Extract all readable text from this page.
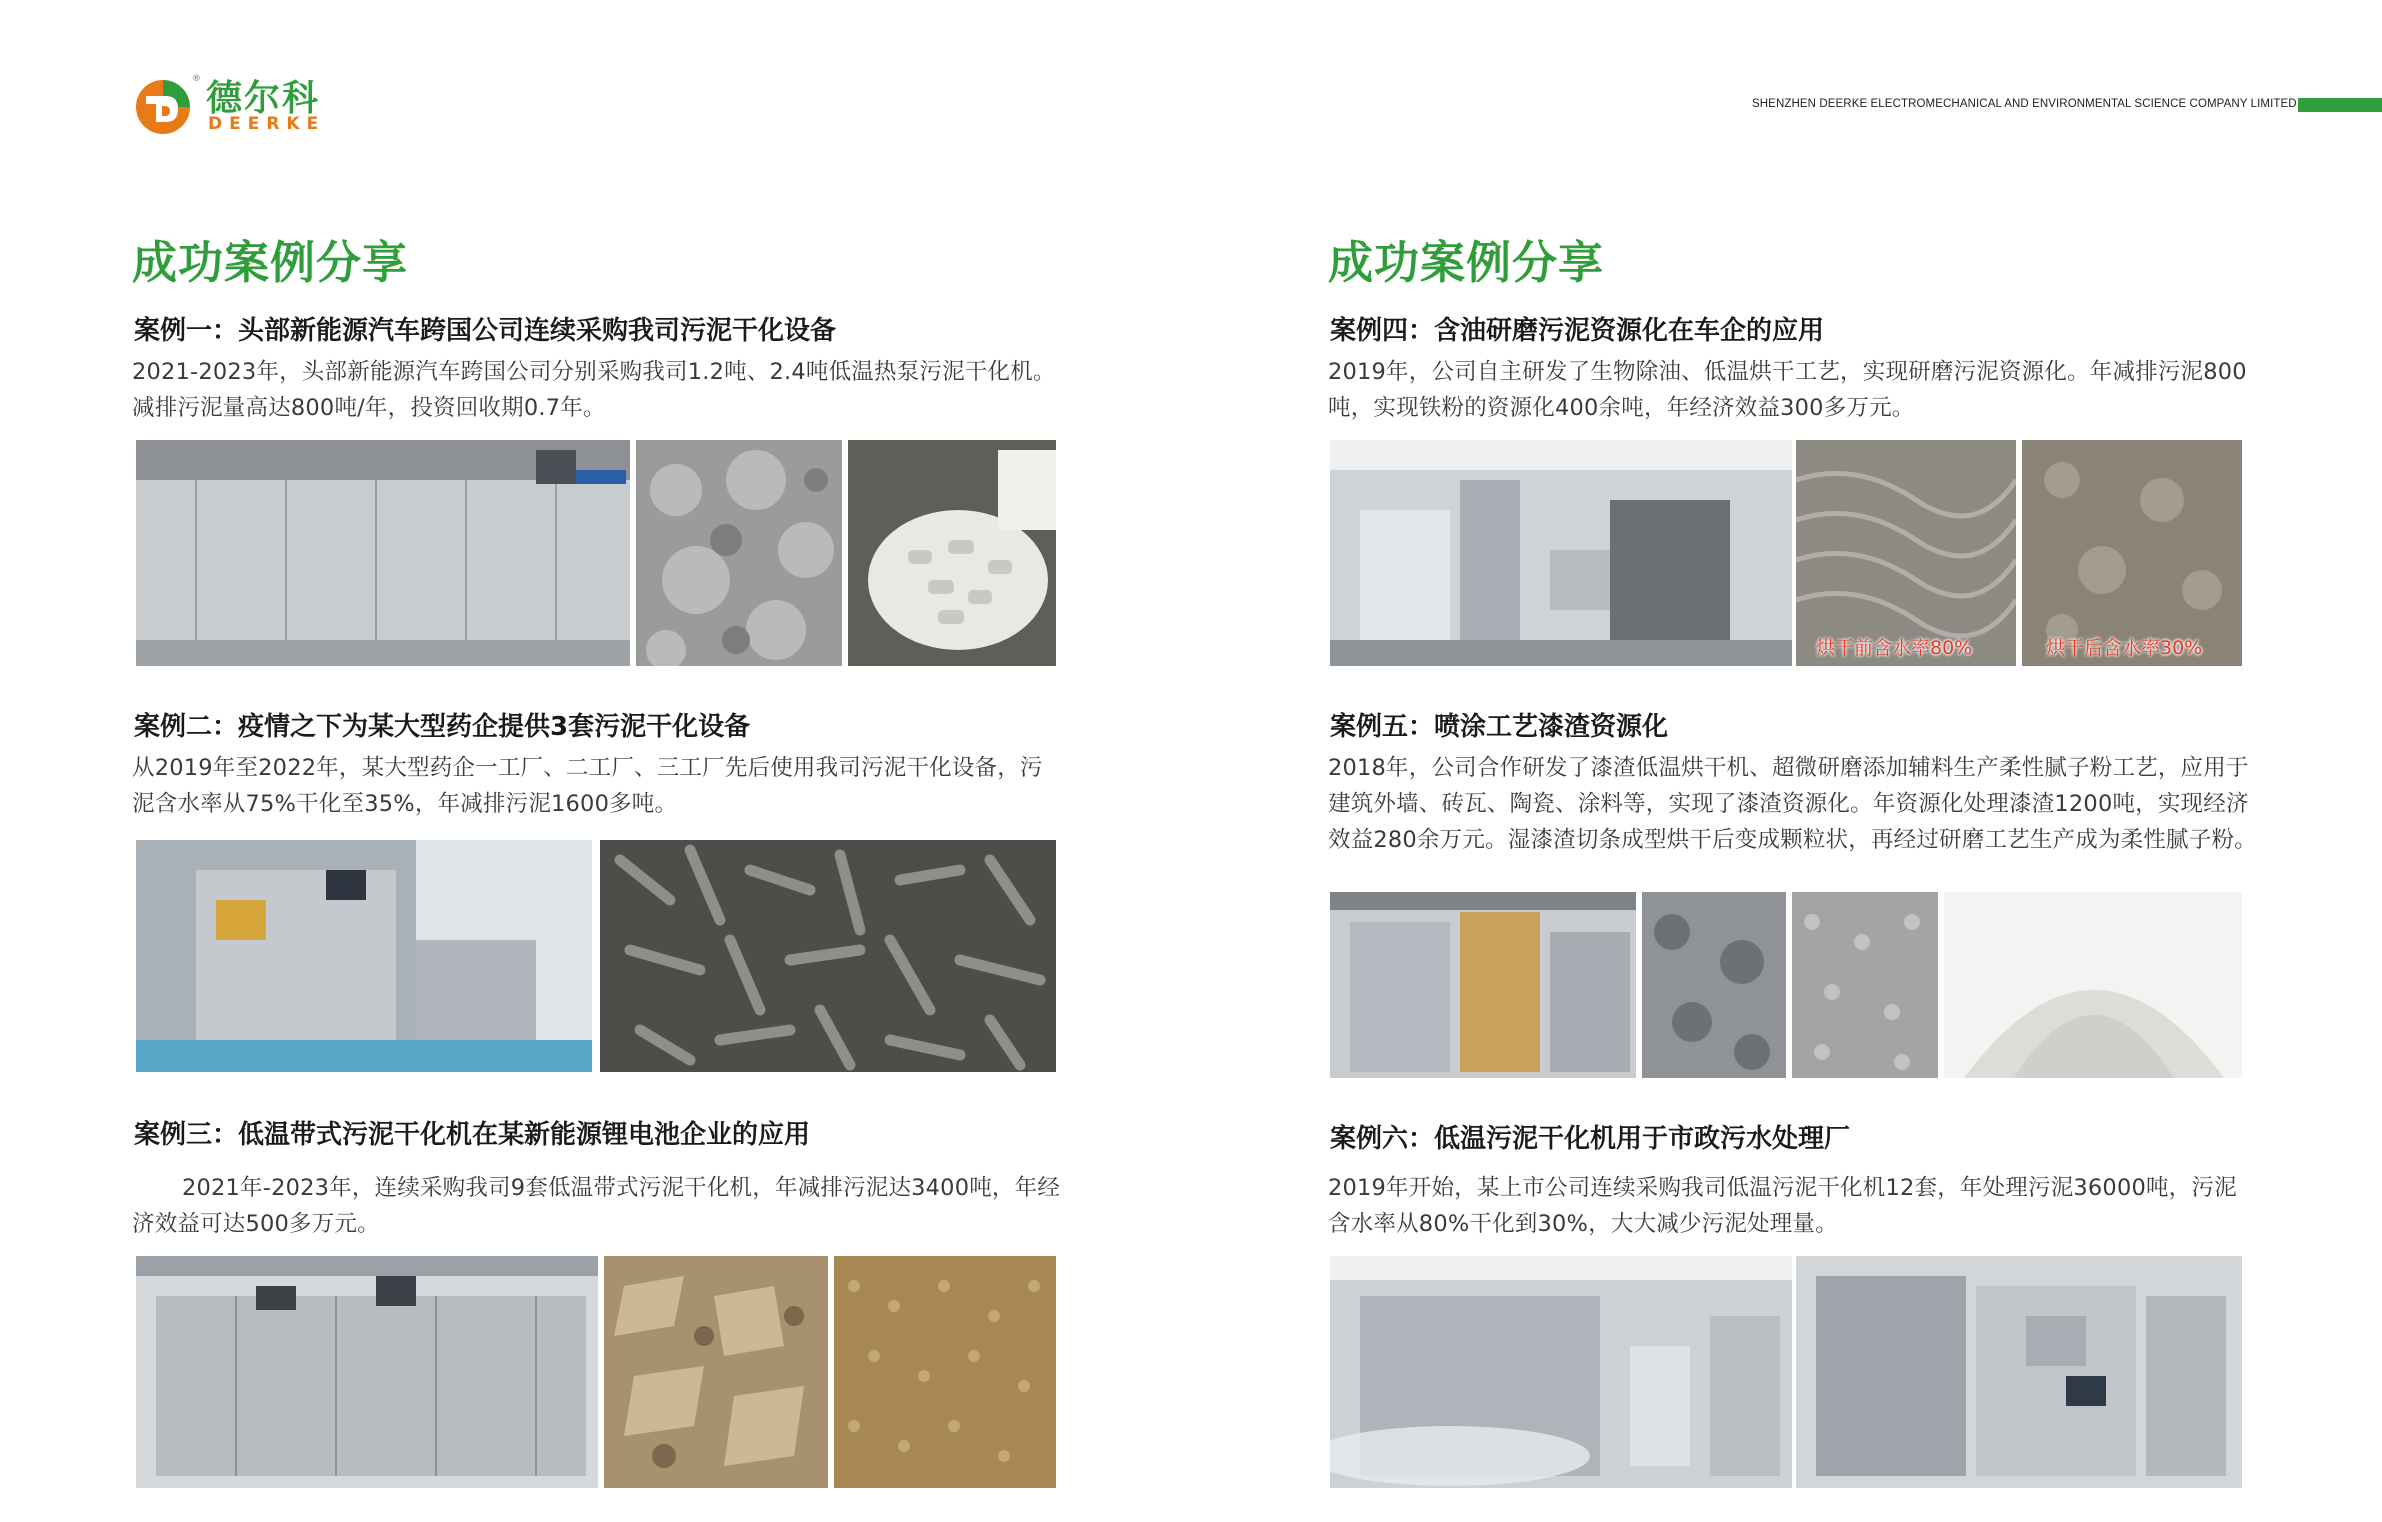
® 德尔科
DEERKE
SHENZHEN DEERKE ELECTROMECHANICAL AND ENVIRONMENTAL SCIENCE COMPANY LIMITED
成功案例分享
案例一：头部新能源汽车跨国公司连续采购我司污泥干化设备
2021-2023年，头部新能源汽车跨国公司分别采购我司1.2吨、2.4吨低温热泵污泥干化机。减排污泥量高达800吨/年，投资回收期0.7年。
案例二：疫情之下为某大型药企提供3套污泥干化设备
从2019年至2022年，某大型药企一工厂、二工厂、三工厂先后使用我司污泥干化设备，污泥含水率从75%干化至35%，年减排污泥1600多吨。
案例三：低温带式污泥干化机在某新能源锂电池企业的应用
2021年-2023年，连续采购我司9套低温带式污泥干化机，年减排污泥达3400吨，年经济效益可达500多万元。
成功案例分享
案例四：含油研磨污泥资源化在车企的应用
2019年，公司自主研发了生物除油、低温烘干工艺，实现研磨污泥资源化。年减排污泥800吨，实现铁粉的资源化400余吨，年经济效益300多万元。
烘干前含水率80%	烘干后含水率30%
案例五：喷涂工艺漆渣资源化
2018年，公司合作研发了漆渣低温烘干机、超微研磨添加辅料生产柔性腻子粉工艺，应用于建筑外墙、砖瓦、陶瓷、涂料等，实现了漆渣资源化。年资源化处理漆渣1200吨，实现经济效益280余万元。湿漆渣切条成型烘干后变成颗粒状，再经过研磨工艺生产成为柔性腻子粉。
案例六：低温污泥干化机用于市政污水处理厂
2019年开始，某上市公司连续采购我司低温污泥干化机12套，年处理污泥36000吨，污泥含水率从80%干化到30%，大大减少污泥处理量。
